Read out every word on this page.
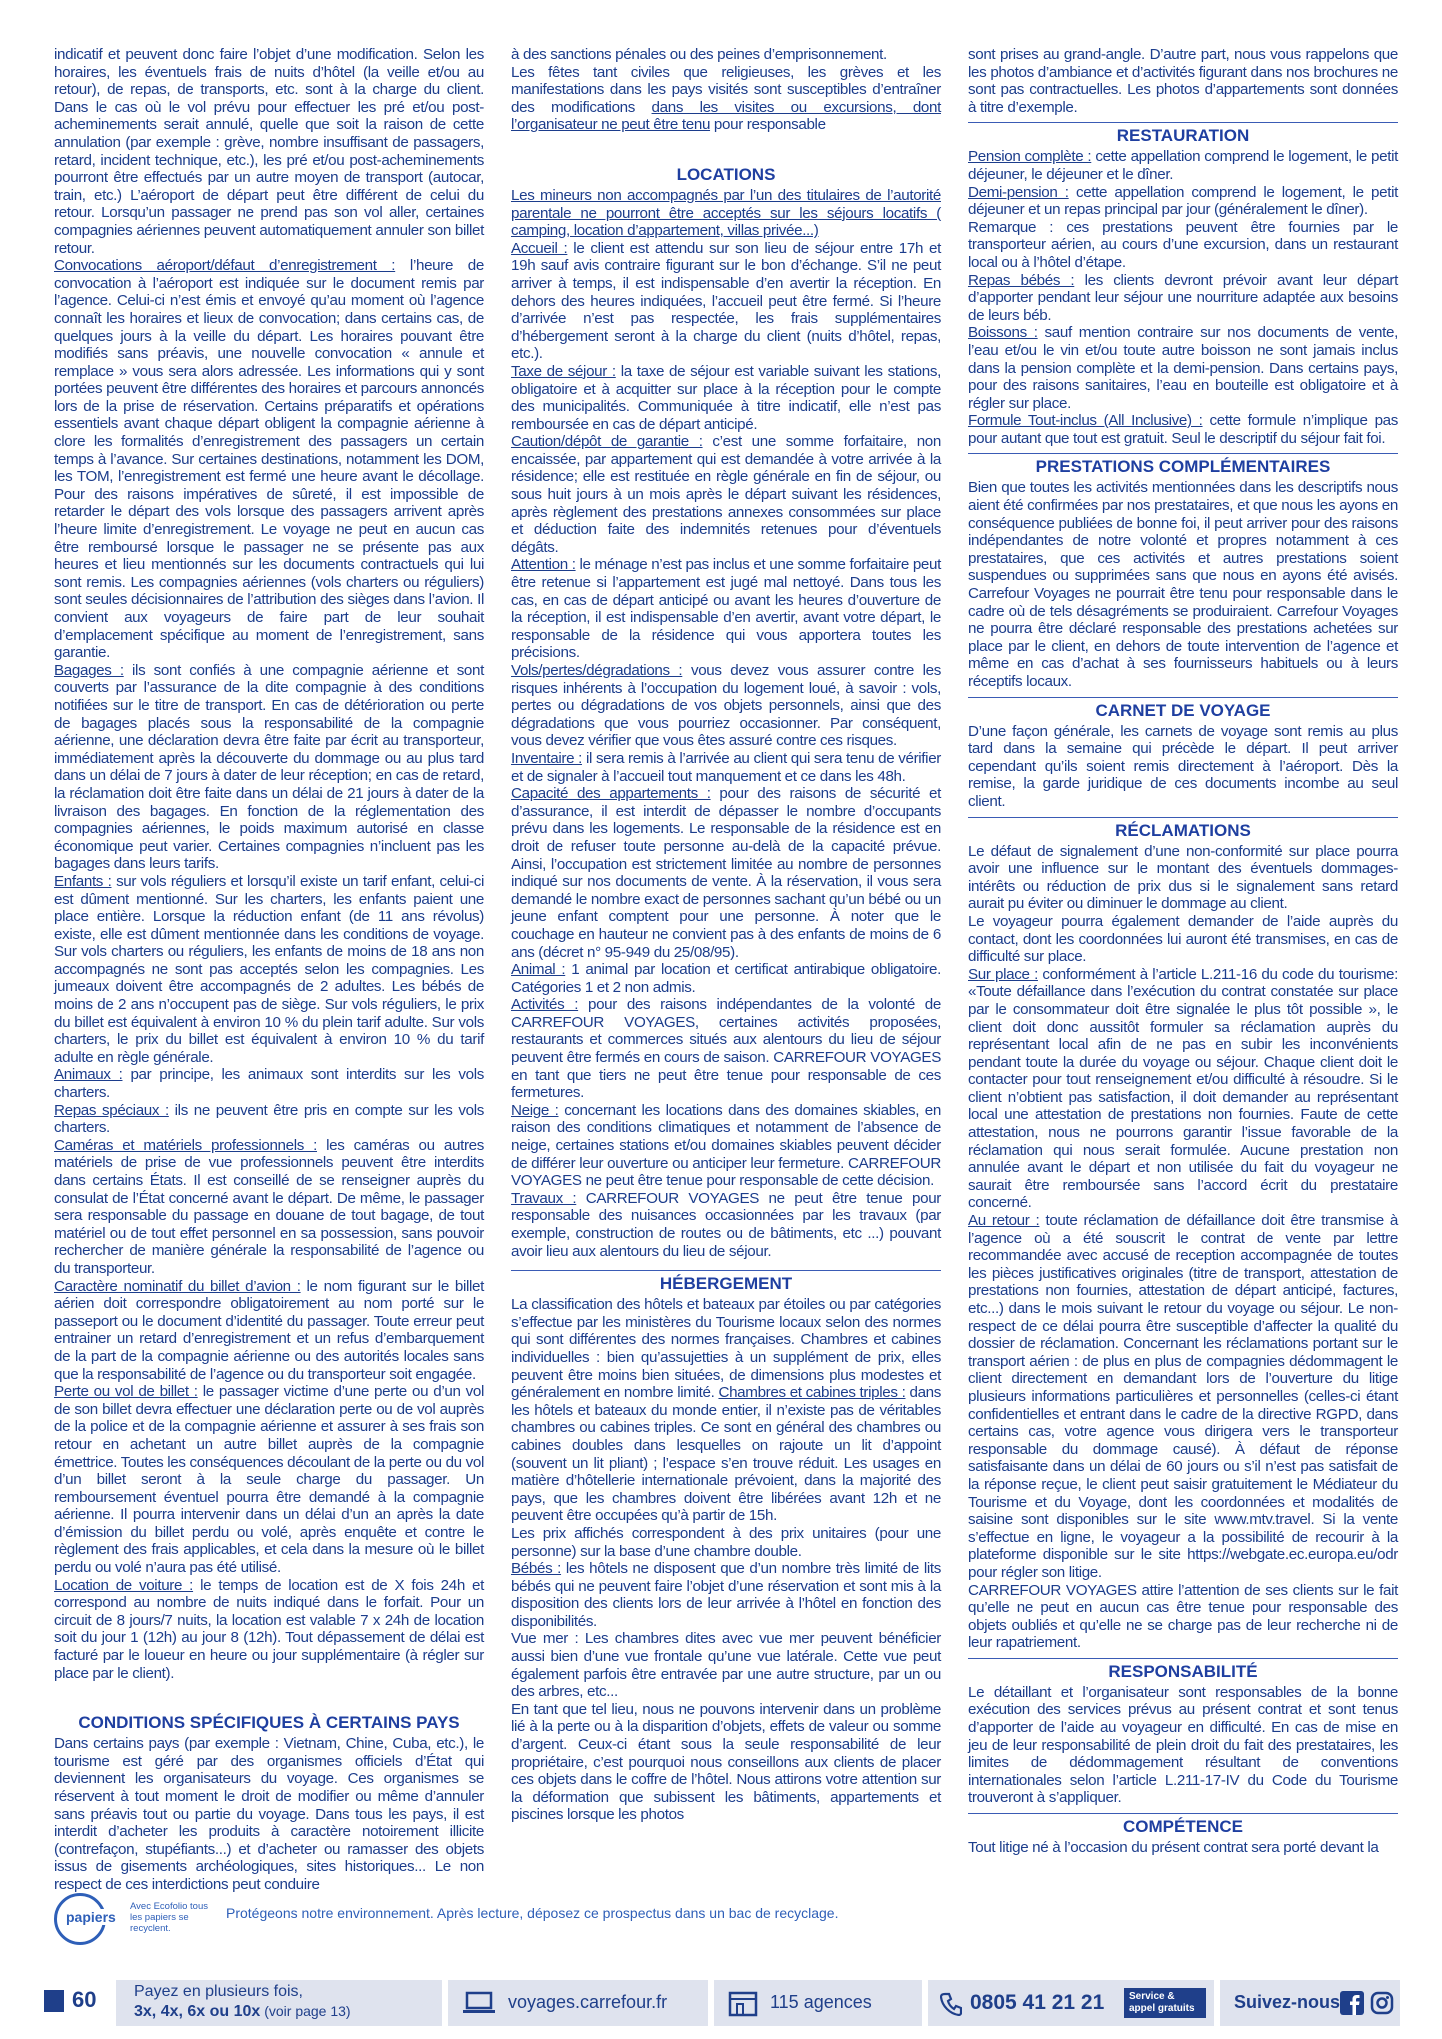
indicatif et peuvent donc faire l’objet d’une modification. Selon les horaires, les éventuels frais de nuits d’hôtel (la veille et/ou au retour), de repas, de transports, etc. sont à la charge du client. Dans le cas où le vol prévu pour effectuer les pré et/ou post-acheminements serait annulé, quelle que soit la raison de cette annulation (par exemple : grève, nombre insuffisant de passagers, retard, incident technique, etc.), les pré et/ou post-acheminements pourront être effectués par un autre moyen de transport (autocar, train, etc.) L’aéroport de départ peut être différent de celui du retour. Lorsqu’un passager ne prend pas son vol aller, certaines compagnies aériennes peuvent automatiquement annuler son billet retour.

Convocations aéroport/défaut d’enregistrement : l’heure de convocation à l’aéroport est indiquée sur le document remis par l’agence. Celui-ci n’est émis et envoyé qu’au moment où l’agence connaît les horaires et lieux de convocation; dans certains cas, de quelques jours à la veille du départ. Les horaires pouvant être modifiés sans préavis, une nouvelle convocation « annule et remplace » vous sera alors adressée. Les informations qui y sont portées peuvent être différentes des horaires et parcours annoncés lors de la prise de réservation. Certains préparatifs et opérations essentiels avant chaque départ obligent la compagnie aérienne à clore les formalités d’enregistrement des passagers un certain temps à l’avance. Sur certaines destinations, notamment les DOM, les TOM, l’enregistrement est fermé une heure avant le décollage. Pour des raisons impératives de sûreté, il est impossible de retarder le départ des vols lorsque des passagers arrivent après l’heure limite d’enregistrement. Le voyage ne peut en aucun cas être remboursé lorsque le passager ne se présente pas aux heures et lieu mentionnés sur les documents contractuels qui lui sont remis. Les compagnies aériennes (vols charters ou réguliers) sont seules décisionnaires de l’attribution des sièges dans l’avion. Il convient aux voyageurs de faire part de leur souhait d’emplacement spécifique au moment de l’enregistrement, sans garantie.

Bagages : ils sont confiés à une compagnie aérienne et sont couverts par l’assurance de la dite compagnie à des conditions notifiées sur le titre de transport. En cas de détérioration ou perte de bagages placés sous la responsabilité de la compagnie aérienne, une déclaration devra être faite par écrit au transporteur, immédiatement après la découverte du dommage ou au plus tard dans un délai de 7 jours à dater de leur réception; en cas de retard, la réclamation doit être faite dans un délai de 21 jours à dater de la livraison des bagages. En fonction de la réglementation des compagnies aériennes, le poids maximum autorisé en classe économique peut varier. Certaines compagnies n’incluent pas les bagages dans leurs tarifs.

Enfants : sur vols réguliers et lorsqu’il existe un tarif enfant, celui-ci est dûment mentionné. Sur les charters, les enfants paient une place entière. Lorsque la réduction enfant (de 11 ans révolus) existe, elle est dûment mentionnée dans les conditions de voyage. Sur vols charters ou réguliers, les enfants de moins de 18 ans non accompagnés ne sont pas acceptés selon les compagnies. Les jumeaux doivent être accompagnés de 2 adultes. Les bébés de moins de 2 ans n’occupent pas de siège. Sur vols réguliers, le prix du billet est équivalent à environ 10 % du plein tarif adulte. Sur vols charters, le prix du billet est équivalent à environ 10 % du tarif adulte en règle générale.

Animaux : par principe, les animaux sont interdits sur les vols charters.

Repas spéciaux : ils ne peuvent être pris en compte sur les vols charters.

Caméras et matériels professionnels : les caméras ou autres matériels de prise de vue professionnels peuvent être interdits dans certains États. Il est conseillé de se renseigner auprès du consulat de l’État concerné avant le départ. De même, le passager sera responsable du passage en douane de tout bagage, de tout matériel ou de tout effet personnel en sa possession, sans pouvoir rechercher de manière générale la responsabilité de l’agence ou du transporteur.

Caractère nominatif du billet d’avion : le nom figurant sur le billet aérien doit correspondre obligatoirement au nom porté sur le passeport ou le document d’identité du passager. Toute erreur peut entrainer un retard d’enregistrement et un refus d’embarquement de la part de la compagnie aérienne ou des autorités locales sans que la responsabilité de l’agence ou du transporteur soit engagée.

Perte ou vol de billet : le passager victime d’une perte ou d’un vol de son billet devra effectuer une déclaration perte ou de vol auprès de la police et de la compagnie aérienne et assurer à ses frais son retour en achetant un autre billet auprès de la compagnie émettrice. Toutes les conséquences découlant de la perte ou du vol d’un billet seront à la seule charge du passager. Un remboursement éventuel pourra être demandé à la compagnie aérienne. Il pourra intervenir dans un délai d’un an après la date d’émission du billet perdu ou volé, après enquête et contre le règlement des frais applicables, et cela dans la mesure où le billet perdu ou volé n’aura pas été utilisé.

Location de voiture : le temps de location est de X fois 24h et correspond au nombre de nuits indiqué dans le forfait. Pour un circuit de 8 jours/7 nuits, la location est valable 7 x 24h de location soit du jour 1 (12h) au jour 8 (12h). Tout dépassement de délai est facturé par le loueur en heure ou jour supplémentaire (à régler sur place par le client).

CONDITIONS SPÉCIFIQUES À CERTAINS PAYS

Dans certains pays (par exemple : Vietnam, Chine, Cuba, etc.), le tourisme est géré par des organismes officiels d’État qui deviennent les organisateurs du voyage. Ces organismes se réservent à tout moment le droit de modifier ou même d’annuler sans préavis tout ou partie du voyage. Dans tous les pays, il est interdit d’acheter les produits à caractère notoirement illicite (contrefaçon, stupéfiants...) et d’acheter ou ramasser des objets issus de gisements archéologiques, sites historiques... Le non respect de ces interdictions peut conduire

à des sanctions pénales ou des peines d’emprisonnement.

Les fêtes tant civiles que religieuses, les grèves et les manifestations dans les pays visités sont susceptibles d’entraîner des modifications dans les visites ou excursions, dont l’organisateur ne peut être tenu pour responsable

LOCATIONS

Les mineurs non accompagnés par l’un des titulaires de l’autorité parentale ne pourront être acceptés sur les séjours locatifs ( camping, location d’appartement, villas privée...)

Accueil : le client est attendu sur son lieu de séjour entre 17h et 19h sauf avis contraire figurant sur le bon d’échange. S’il ne peut arriver à temps, il est indispensable d’en avertir la réception. En dehors des heures indiquées, l’accueil peut être fermé. Si l’heure d’arrivée n’est pas respectée, les frais supplémentaires d’hébergement seront à la charge du client (nuits d’hôtel, repas, etc.).

Taxe de séjour : la taxe de séjour est variable suivant les stations, obligatoire et à acquitter sur place à la réception pour le compte des municipalités. Communiquée à titre indicatif, elle n’est pas remboursée en cas de départ anticipé.

Caution/dépôt de garantie : c’est une somme forfaitaire, non encaissée, par appartement qui est demandée à votre arrivée à la résidence; elle est restituée en règle générale en fin de séjour, ou sous huit jours à un mois après le départ suivant les résidences, après règlement des prestations annexes consommées sur place et déduction faite des indemnités retenues pour d’éventuels dégâts.

Attention : le ménage n’est pas inclus et une somme forfaitaire peut être retenue si l’appartement est jugé mal nettoyé. Dans tous les cas, en cas de départ anticipé ou avant les heures d’ouverture de la réception, il est indispensable d’en avertir, avant votre départ, le responsable de la résidence qui vous apportera toutes les précisions.

Vols/pertes/dégradations : vous devez vous assurer contre les risques inhérents à l’occupation du logement loué, à savoir : vols, pertes ou dégradations de vos objets personnels, ainsi que des dégradations que vous pourriez occasionner. Par conséquent, vous devez vérifier que vous êtes assuré contre ces risques.

Inventaire : il sera remis à l’arrivée au client qui sera tenu de vérifier et de signaler à l’accueil tout manquement et ce dans les 48h.

Capacité des appartements : pour des raisons de sécurité et d’assurance, il est interdit de dépasser le nombre d’occupants prévu dans les logements. Le responsable de la résidence est en droit de refuser toute personne au-delà de la capacité prévue. Ainsi, l’occupation est strictement limitée au nombre de personnes indiqué sur nos documents de vente. À la réservation, il vous sera demandé le nombre exact de personnes sachant qu’un bébé ou un jeune enfant comptent pour une personne. À noter que le couchage en hauteur ne convient pas à des enfants de moins de 6 ans (décret n° 95-949 du 25/08/95).

Animal : 1 animal par location et certificat antirabique obligatoire. Catégories 1 et 2 non admis.

Activités : pour des raisons indépendantes de la volonté de CARREFOUR VOYAGES, certaines activités proposées, restaurants et commerces situés aux alentours du lieu de séjour peuvent être fermés en cours de saison. CARREFOUR VOYAGES en tant que tiers ne peut être tenue pour responsable de ces fermetures.

Neige : concernant les locations dans des domaines skiables, en raison des conditions climatiques et notamment de l’absence de neige, certaines stations et/ou domaines skiables peuvent décider de différer leur ouverture ou anticiper leur fermeture. CARREFOUR VOYAGES ne peut être tenue pour responsable de cette décision.

Travaux : CARREFOUR VOYAGES ne peut être tenue pour responsable des nuisances occasionnées par les travaux (par exemple, construction de routes ou de bâtiments, etc ...) pouvant avoir lieu aux alentours du lieu de séjour.

HÉBERGEMENT

La classification des hôtels et bateaux par étoiles ou par catégories s’effectue par les ministères du Tourisme locaux selon des normes qui sont différentes des normes françaises. Chambres et cabines individuelles : bien qu’assujetties à un supplément de prix, elles peuvent être moins bien situées, de dimensions plus modestes et généralement en nombre limité. Chambres et cabines triples : dans les hôtels et bateaux du monde entier, il n’existe pas de véritables chambres ou cabines triples. Ce sont en général des chambres ou cabines doubles dans lesquelles on rajoute un lit d’appoint (souvent un lit pliant) ; l’espace s’en trouve réduit. Les usages en matière d’hôtellerie internationale prévoient, dans la majorité des pays, que les chambres doivent être libérées avant 12h et ne peuvent être occupées qu’à partir de 15h.

Les prix affichés correspondent à des prix unitaires (pour une personne) sur la base d’une chambre double.

Bébés : les hôtels ne disposent que d’un nombre très limité de lits bébés qui ne peuvent faire l’objet d’une réservation et sont mis à la disposition des clients lors de leur arrivée à l’hôtel en fonction des disponibilités.

Vue mer : Les chambres dites avec vue mer peuvent bénéficier aussi bien d’une vue frontale qu’une vue latérale. Cette vue peut également parfois être entravée par une autre structure, par un ou des arbres, etc...

En tant que tel lieu, nous ne pouvons intervenir dans un problème lié à la perte ou à la disparition d’objets, effets de valeur ou somme d’argent. Ceux-ci étant sous la seule responsabilité de leur propriétaire, c’est pourquoi nous conseillons aux clients de placer ces objets dans le coffre de l’hôtel. Nous attirons votre attention sur la déformation que subissent les bâtiments, appartements et piscines lorsque les photos

sont prises au grand-angle. D’autre part, nous vous rappelons que les photos d’ambiance et d’activités figurant dans nos brochures ne sont pas contractuelles. Les photos d’appartements sont données à titre d’exemple.

RESTAURATION

Pension complète : cette appellation comprend le logement, le petit déjeuner, le déjeuner et le dîner.

Demi-pension : cette appellation comprend le logement, le petit déjeuner et un repas principal par jour (généralement le dîner).

Remarque : ces prestations peuvent être fournies par le transporteur aérien, au cours d’une excursion, dans un restaurant local ou à l’hôtel d’étape.

Repas bébés : les clients devront prévoir avant leur départ d’apporter pendant leur séjour une nourriture adaptée aux besoins de leurs béb.

Boissons : sauf mention contraire sur nos documents de vente, l’eau et/ou le vin et/ou toute autre boisson ne sont jamais inclus dans la pension complète et la demi-pension. Dans certains pays, pour des raisons sanitaires, l’eau en bouteille est obligatoire et à régler sur place.

Formule Tout-inclus (All Inclusive) : cette formule n’implique pas pour autant que tout est gratuit. Seul le descriptif du séjour fait foi.

PRESTATIONS COMPLÉMENTAIRES

Bien que toutes les activités mentionnées dans les descriptifs nous aient été confirmées par nos prestataires, et que nous les ayons en conséquence publiées de bonne foi, il peut arriver pour des raisons indépendantes de notre volonté et propres notamment à ces prestataires, que ces activités et autres prestations soient suspendues ou supprimées sans que nous en ayons été avisés. Carrefour Voyages ne pourrait être tenu pour responsable dans le cadre où de tels désagréments se produiraient. Carrefour Voyages ne pourra être déclaré responsable des prestations achetées sur place par le client, en dehors de toute intervention de l’agence et même en cas d’achat à ses fournisseurs habituels ou à leurs réceptifs locaux.

CARNET DE VOYAGE

D’une façon générale, les carnets de voyage sont remis au plus tard dans la semaine qui précède le départ. Il peut arriver cependant qu’ils soient remis directement à l’aéroport. Dès la remise, la garde juridique de ces documents incombe au seul client.

RÉCLAMATIONS

Le défaut de signalement d’une non-conformité sur place pourra avoir une influence sur le montant des éventuels dommages-intérêts ou réduction de prix dus si le signalement sans retard aurait pu éviter ou diminuer le dommage au client.

Le voyageur pourra également demander de l’aide auprès du contact, dont les coordonnées lui auront été transmises, en cas de difficulté sur place.

Sur place : conformément à l’article L.211-16 du code du tourisme: «Toute défaillance dans l’exécution du contrat constatée sur place par le consommateur doit être signalée le plus tôt possible », le client doit donc aussitôt formuler sa réclamation auprès du représentant local afin de ne pas en subir les inconvénients pendant toute la durée du voyage ou séjour. Chaque client doit le contacter pour tout renseignement et/ou difficulté à résoudre. Si le client n’obtient pas satisfaction, il doit demander au représentant local une attestation de prestations non fournies. Faute de cette attestation, nous ne pourrons garantir l’issue favorable de la réclamation qui nous serait formulée. Aucune prestation non annulée avant le départ et non utilisée du fait du voyageur ne saurait être remboursée sans l’accord écrit du prestataire concerné.

Au retour : toute réclamation de défaillance doit être transmise à l’agence où a été souscrit le contrat de vente par lettre recommandée avec accusé de reception accompagnée de toutes les pièces justificatives originales (titre de transport, attestation de prestations non fournies, attestation de départ anticipé, factures, etc...) dans le mois suivant le retour du voyage ou séjour. Le non-respect de ce délai pourra être susceptible d’affecter la qualité du dossier de réclamation. Concernant les réclamations portant sur le transport aérien : de plus en plus de compagnies dédommagent le client directement en demandant lors de l’ouverture du litige plusieurs informations particulières et personnelles (celles-ci étant confidentielles et entrant dans le cadre de la directive RGPD, dans certains cas, votre agence vous dirigera vers le transporteur responsable du dommage causé). À défaut de réponse satisfaisante dans un délai de 60 jours ou s’il n’est pas satisfait de la réponse reçue, le client peut saisir gratuitement le Médiateur du Tourisme et du Voyage, dont les coordonnées et modalités de saisine sont disponibles sur le site www.mtv.travel. Si la vente s’effectue en ligne, le voyageur a la possibilité de recourir à la plateforme disponible sur le site https://webgate.ec.europa.eu/odr pour régler son litige.

CARREFOUR VOYAGES attire l’attention de ses clients sur le fait qu’elle ne peut en aucun cas être tenue pour responsable des objets oubliés et qu’elle ne se charge pas de leur recherche ni de leur rapatriement.

RESPONSABILITÉ

Le détaillant et l’organisateur sont responsables de la bonne exécution des services prévus au présent contrat et sont tenus d’apporter de l’aide au voyageur en difficulté. En cas de mise en jeu de leur responsabilité de plein droit du fait des prestataires, les limites de dédommagement résultant de conventions internationales selon l’article L.211-17-IV du Code du Tourisme trouveront à s’appliquer.

COMPÉTENCE

Tout litige né à l’occasion du présent contrat sera porté devant la

papiers
Avec Ecofolio tous les papiers se recyclent.
Protégeons notre environnement. Après lecture, déposez ce prospectus dans un bac de recyclage.
60 Payez en plusieurs fois,
3x, 4x, 6x ou 10x (voir page 13)	voyages.carrefour.fr	115 agences	0805 41 21 21	Service & appel gratuits	Suivez-nous
